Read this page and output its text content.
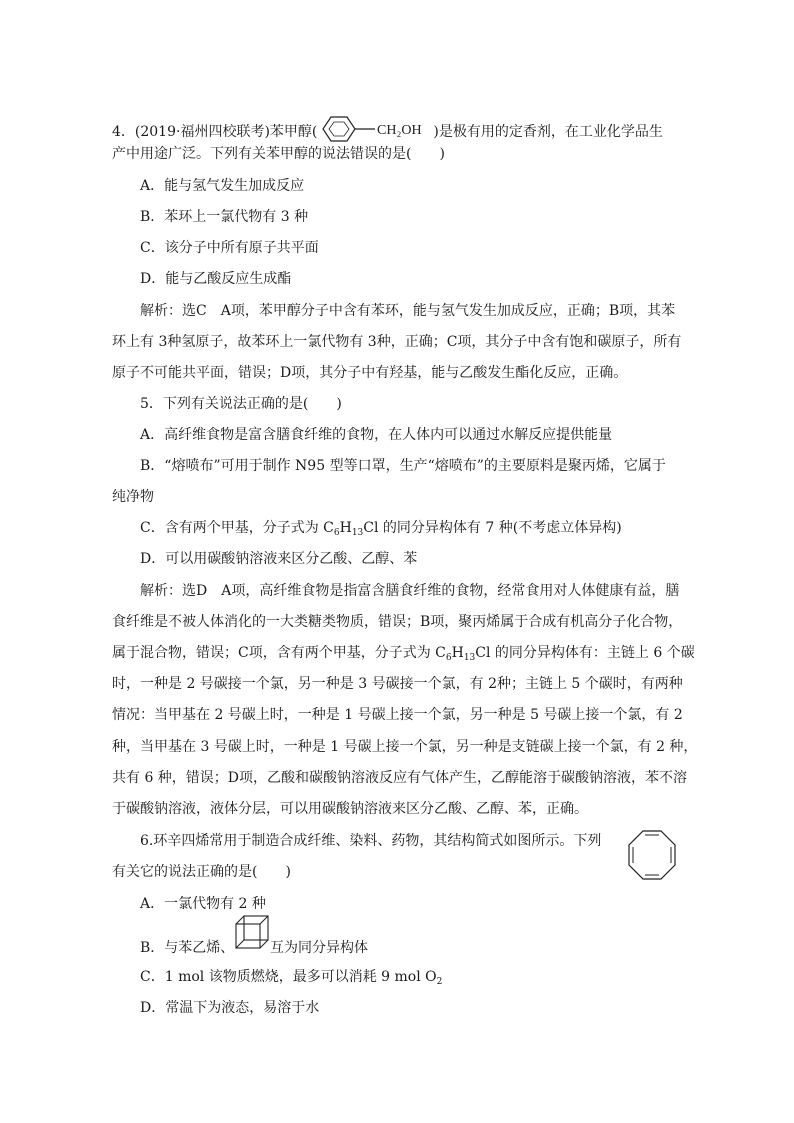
4．(2019·福州四校联考)苯甲醇(	CH₂OH )是极有用的定香剂，在工业化学品生
产中用途广泛。下列有关苯甲醇的说法错误的是(　　)
A．能与氢气发生加成反应
B．苯环上一氯代物有 3 种
C．该分子中所有原子共平面
D．能与乙酸反应生成酯
解析：选C　A项，苯甲醇分子中含有苯环，能与氢气发生加成反应，正确；B项，其苯
环上有 3种氢原子，故苯环上一氯代物有 3种，正确；C项，其分子中含有饱和碳原子，所有
原子不可能共平面，错误；D项，其分子中有羟基，能与乙酸发生酯化反应，正确。
5．下列有关说法正确的是(　　)
A．高纤维食物是富含膳食纤维的食物，在人体内可以通过水解反应提供能量
B．“熔喷布”可用于制作 N95 型等口罩，生产“熔喷布”的主要原料是聚丙烯，它属于
纯净物
C．含有两个甲基，分子式为 $C_6H_{13}Cl$ 的同分异构体有 7 种(不考虑立体异构)
D．可以用碳酸钠溶液来区分乙酸、乙醇、苯
解析：选D　A项，高纤维食物是指富含膳食纤维的食物，经常食用对人体健康有益，膳
食纤维是不被人体消化的一大类糖类物质，错误；B项，聚丙烯属于合成有机高分子化合物，
属于混合物，错误；C项，含有两个甲基，分子式为 $C_6H_{13}Cl$ 的同分异构体有：主链上 6 个碳
时，一种是 2 号碳接一个氯，另一种是 3 号碳接一个氯，有 2种；主链上 5 个碳时，有两种
情况：当甲基在 2 号碳上时，一种是 1 号碳上接一个氯，另一种是 5 号碳上接一个氯，有 2
种，当甲基在 3 号碳上时，一种是 1 号碳上接一个氯，另一种是支链碳上接一个氯，有 2 种，
共有 6 种，错误；D项，乙酸和碳酸钠溶液反应有气体产生，乙醇能溶于碳酸钠溶液，苯不溶
于碳酸钠溶液，液体分层，可以用碳酸钠溶液来区分乙酸、乙醇、苯，正确。
6.环辛四烯常用于制造合成纤维、染料、药物，其结构简式如图所示。下列
有关它的说法正确的是(　　)
A．一氯代物有 2 种
B．与苯乙烯、	互为同分异构体
C．1 mol 该物质燃烧，最多可以消耗 9 mol $O_2$
D．常温下为液态，易溶于水
